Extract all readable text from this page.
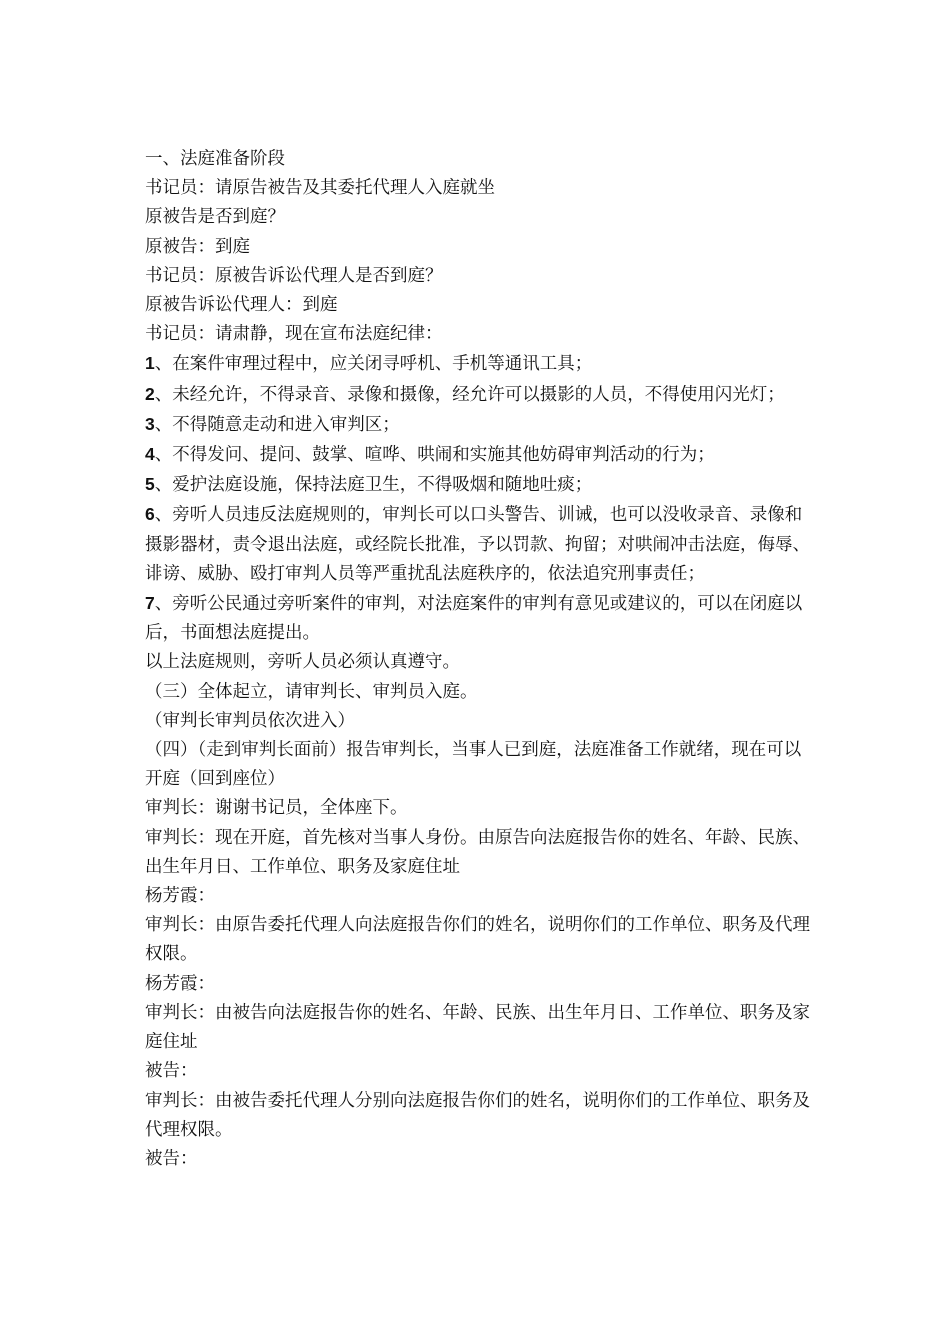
一、法庭准备阶段

书记员：请原告被告及其委托代理人入庭就坐

原被告是否到庭？

原被告：到庭

书记员：原被告诉讼代理人是否到庭？

原被告诉讼代理人：到庭

书记员：请肃静，现在宣布法庭纪律：

1、在案件审理过程中，应关闭寻呼机、手机等通讯工具；

2、未经允许，不得录音、录像和摄像，经允许可以摄影的人员，不得使用闪光灯；

3、不得随意走动和进入审判区；

4、不得发问、提问、鼓掌、喧哗、哄闹和实施其他妨碍审判活动的行为；

5、爱护法庭设施，保持法庭卫生，不得吸烟和随地吐痰；

6、旁听人员违反法庭规则的，审判长可以口头警告、训诫，也可以没收录音、录像和摄影器材，责令退出法庭，或经院长批准，予以罚款、拘留；对哄闹冲击法庭，侮辱、诽谤、威胁、殴打审判人员等严重扰乱法庭秩序的，依法追究刑事责任；

7、旁听公民通过旁听案件的审判，对法庭案件的审判有意见或建议的，可以在闭庭以后，书面想法庭提出。

以上法庭规则，旁听人员必须认真遵守。

（三）全体起立，请审判长、审判员入庭。

（审判长审判员依次进入）

（四）（走到审判长面前）报告审判长，当事人已到庭，法庭准备工作就绪，现在可以开庭（回到座位）

审判长：谢谢书记员，全体座下。

审判长：现在开庭，首先核对当事人身份。由原告向法庭报告你的姓名、年龄、民族、出生年月日、工作单位、职务及家庭住址

杨芳霞：

审判长：由原告委托代理人向法庭报告你们的姓名，说明你们的工作单位、职务及代理权限。

杨芳霞：

审判长：由被告向法庭报告你的姓名、年龄、民族、出生年月日、工作单位、职务及家庭住址

被告：

审判长：由被告委托代理人分别向法庭报告你们的姓名，说明你们的工作单位、职务及代理权限。

被告：
